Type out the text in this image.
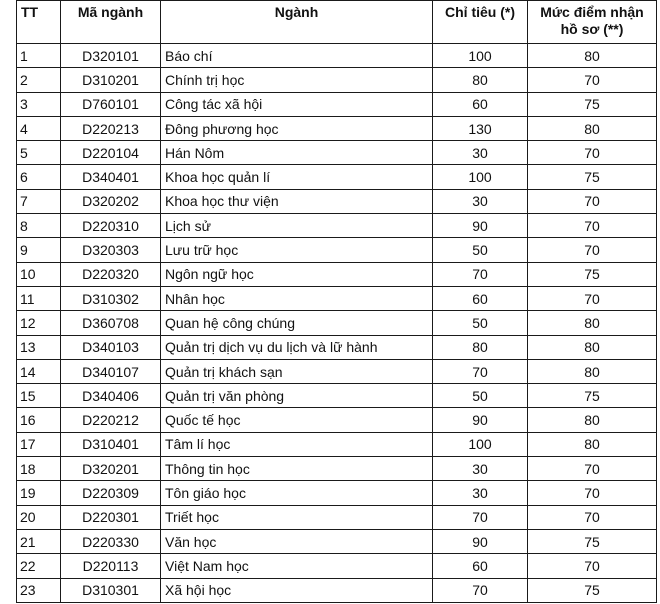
TT	Mã ngành	Ngành	Chỉ tiêu (*)	Mức điểm nhận
hồ sơ (**)

1	D320101	Báo chí	100	80
2	D310201	Chính trị học	80	70
3	D760101	Công tác xã hội	60	75
4	D220213	Đông phương học	130	80
5	D220104	Hán Nôm	30	70
6	D340401	Khoa học quản lí	100	75
7	D320202	Khoa học thư viện	30	70
8	D220310	Lịch sử	90	70
9	D320303	Lưu trữ học	50	70
10	D220320	Ngôn ngữ học	70	75
11	D310302	Nhân học	60	70
12	D360708	Quan hệ công chúng	50	80
13	D340103	Quản trị dịch vụ du lịch và lữ hành	80	80
14	D340107	Quản trị khách sạn	70	80
15	D340406	Quản trị văn phòng	50	75
16	D220212	Quốc tế học	90	80
17	D310401	Tâm lí học	100	80
18	D320201	Thông tin học	30	70
19	D220309	Tôn giáo học	30	70
20	D220301	Triết học	70	70
21	D220330	Văn học	90	75
22	D220113	Việt Nam học	60	70
23	D310301	Xã hội học	70	75
